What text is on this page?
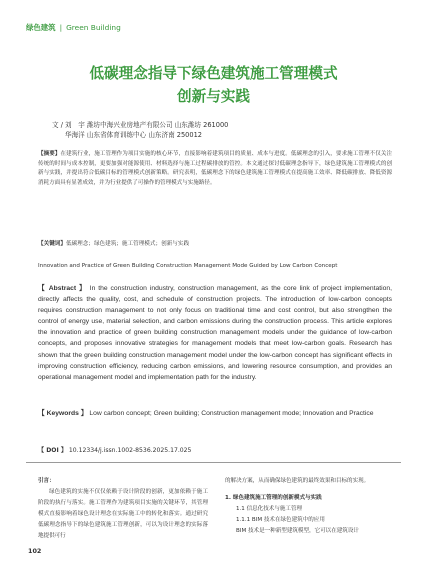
绿色建筑 | Green Building
低碳理念指导下绿色建筑施工管理模式
创新与实践
文 / 刘　宇 潍坊中海兴业房地产有限公司 山东潍坊 261000
华海洋 山东省体育训练中心 山东济南 250012
【摘要】在建筑行业，施工管理作为项目实施的核心环节，直接影响着建筑项目的质量、成本与进度。低碳理念的引入，要求施工管理不仅关注传统的时间与成本控制，更要加强对能源使用、材料选择与施工过程碳排放的管控。本文通过探讨低碳理念指导下，绿色建筑施工管理模式的创新与实践，并提出符合低碳目标的管理模式创新策略。研究表明，低碳理念下的绿色建筑施工管理模式在提高施工效率、降低碳排放、降低资源消耗方面具有显著成效，并为行业提供了可操作的管理模式与实施路径。
【关键词】低碳理念；绿色建筑；施工管理模式；创新与实践
Innovation and Practice of Green Building Construction Management Mode Guided by Low Carbon Concept
【 Abstract 】 In the construction industry, construction management, as the core link of project implementation, directly affects the quality, cost, and schedule of construction projects. The introduction of low-carbon concepts requires construction management to not only focus on traditional time and cost control, but also strengthen the control of energy use, material selection, and carbon emissions during the construction process. This article explores the innovation and practice of green building construction management models under the guidance of low-carbon concepts, and proposes innovative strategies for management models that meet low-carbon goals. Research has shown that the green building construction management model under the low-carbon concept has significant effects in improving construction efficiency, reducing carbon emissions, and lowering resource consumption, and provides an operational management model and implementation path for the industry.
【 Keywords 】 Low carbon concept; Green building; Construction management mode; Innovation and Practice
【 DOI 】 10.12334/j.issn.1002-8536.2025.17.025

引言：

绿色建筑的实施不仅仅依赖于设计阶段的创新，更加依赖于施工阶段的执行与落实。施工管理作为建筑项目实施的关键环节，其管理模式直接影响着绿色设计理念在实际施工中的转化和落实。通过研究低碳理念指导下的绿色建筑施工管理创新，可以为设计理念的实际落地提供可行

的解决方案，从而确保绿色建筑的最终效果和目标的实现。

1. 绿色建筑施工管理的创新模式与实践

1.1 信息化技术与施工管理

1.1.1 BIM 技术在绿色建筑中的应用

BIM 技术是一种新型建筑模型，它可以在建筑设计

102
